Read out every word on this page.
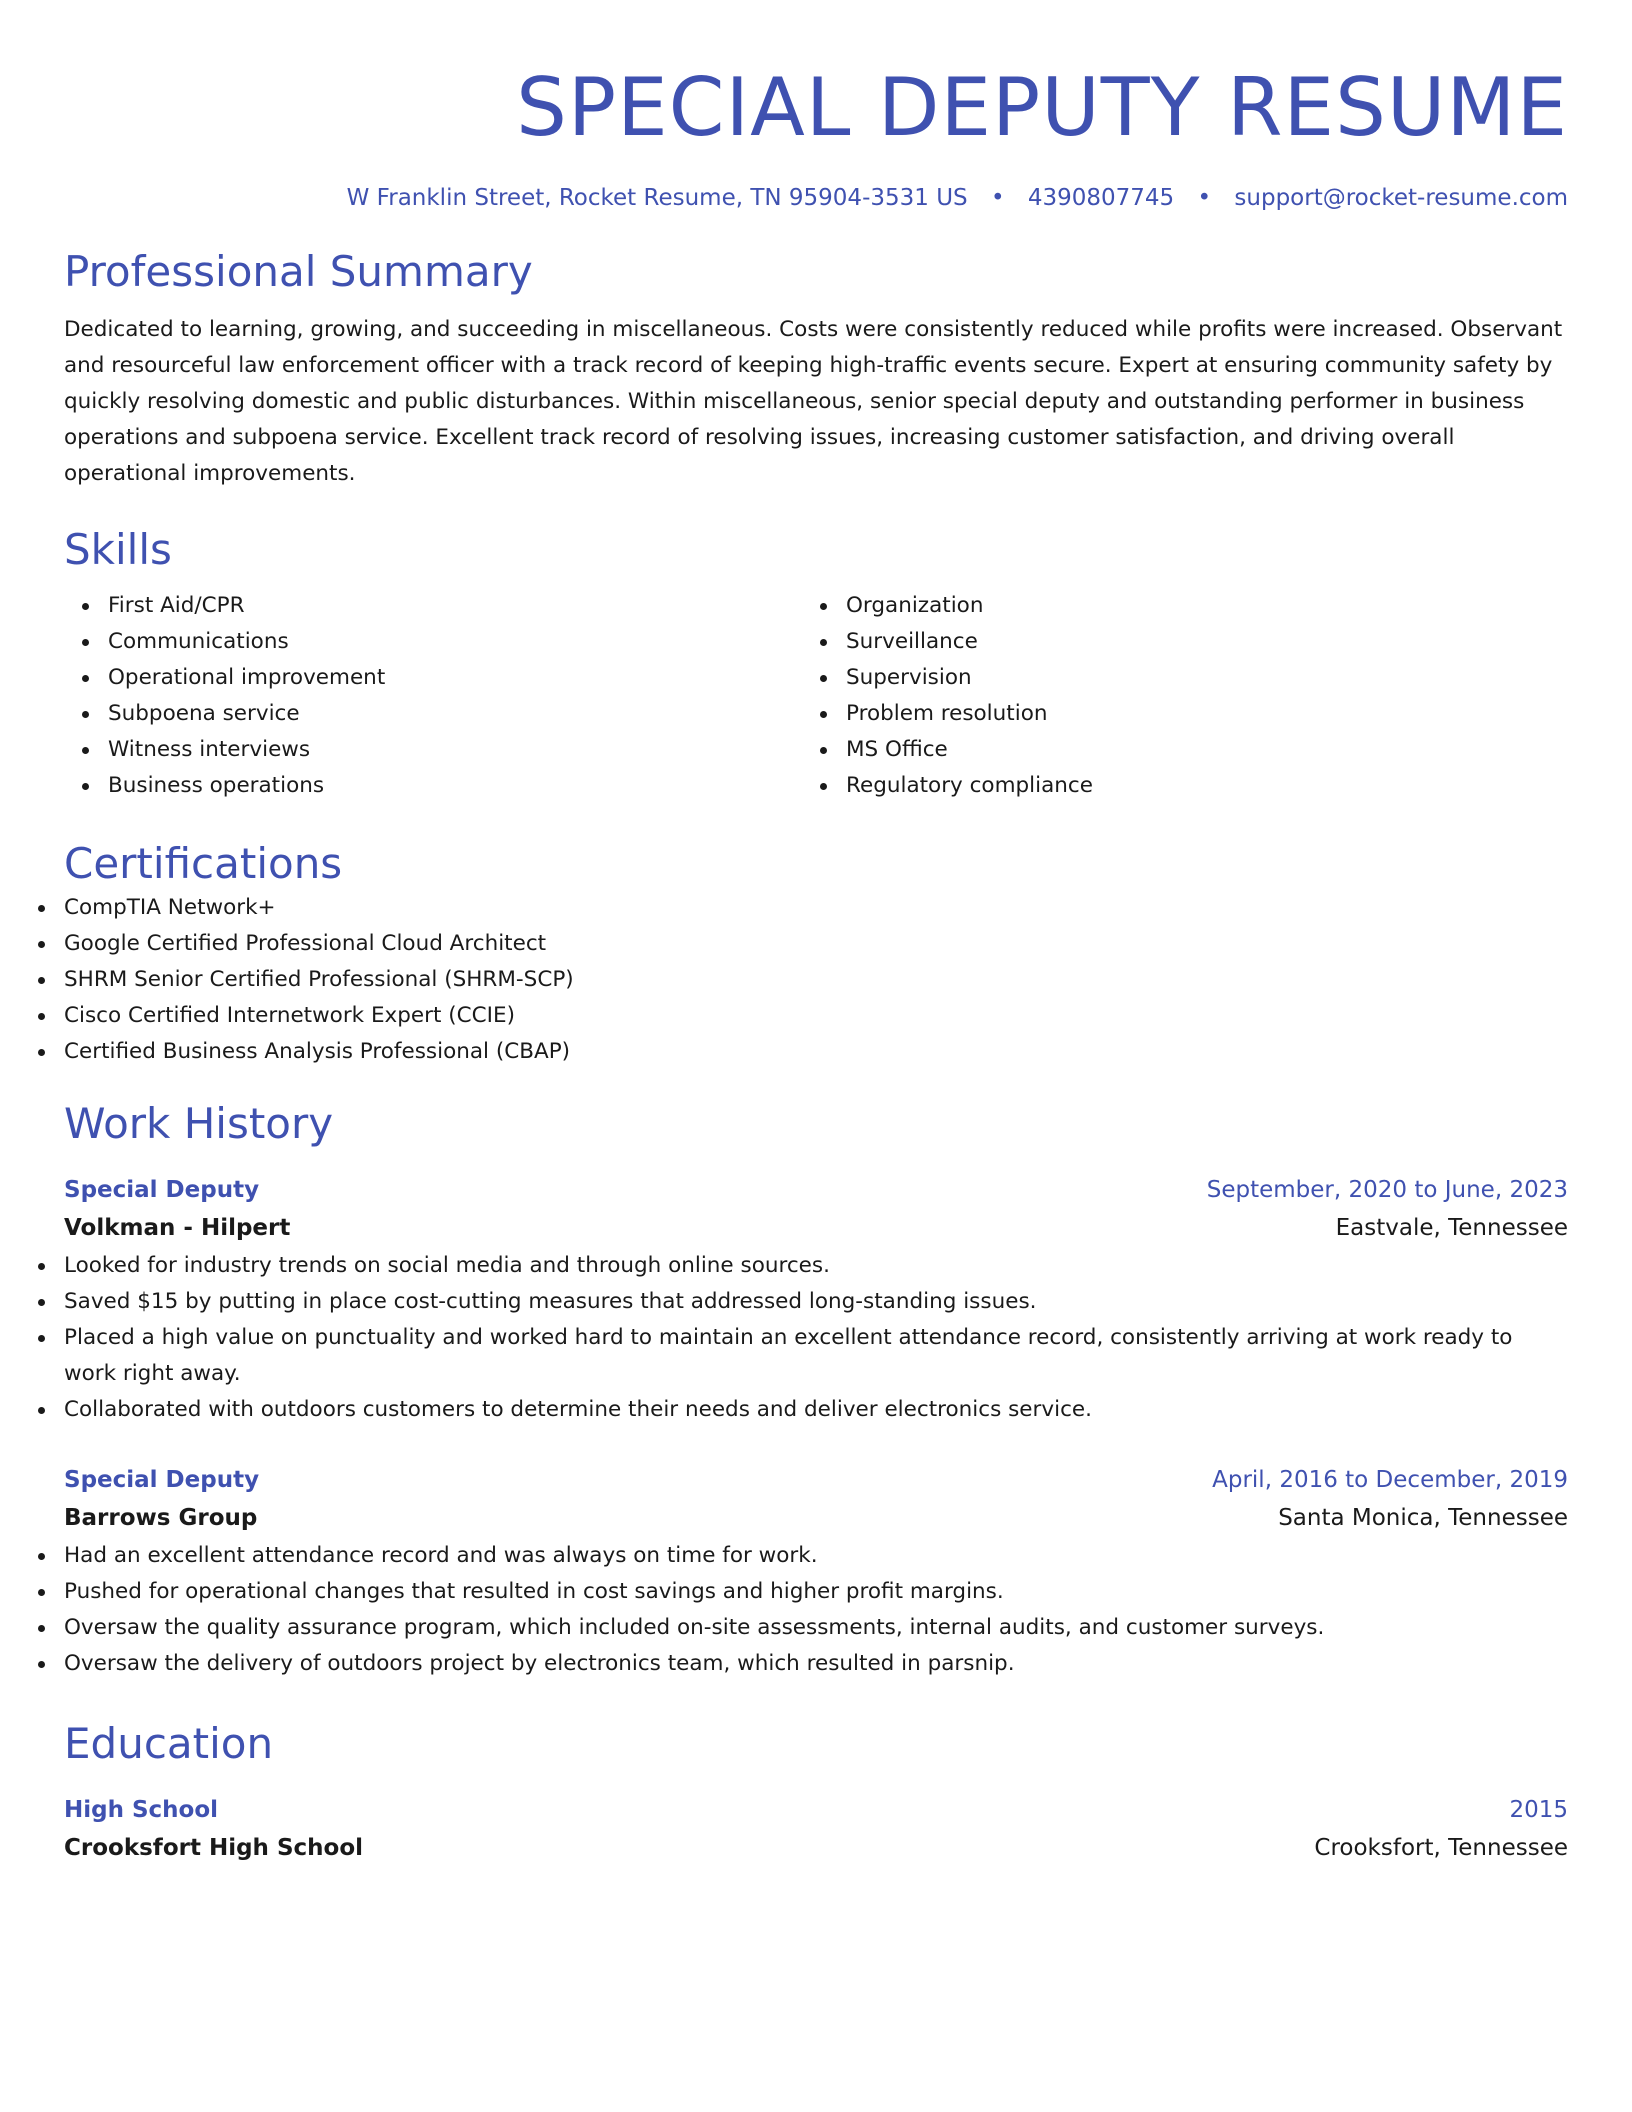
SPECIAL DEPUTY RESUME
W Franklin Street, Rocket Resume, TN 95904-3531 US • 4390807745 • support@rocket-resume.com
Professional Summary
Dedicated to learning, growing, and succeeding in miscellaneous. Costs were consistently reduced while profits were increased. Observant and resourceful law enforcement officer with a track record of keeping high-traffic events secure. Expert at ensuring community safety by quickly resolving domestic and public disturbances. Within miscellaneous, senior special deputy and outstanding performer in business operations and subpoena service. Excellent track record of resolving issues, increasing customer satisfaction, and driving overall operational improvements.
Skills
First Aid/CPR
Communications
Operational improvement
Subpoena service
Witness interviews
Business operations
Organization
Surveillance
Supervision
Problem resolution
MS Office
Regulatory compliance
Certifications
CompTIA Network+
Google Certified Professional Cloud Architect
SHRM Senior Certified Professional (SHRM-SCP)
Cisco Certified Internetwork Expert (CCIE)
Certified Business Analysis Professional (CBAP)
Work History
Special Deputy	September, 2020 to June, 2023
Volkman - Hilpert	Eastvale, Tennessee
Looked for industry trends on social media and through online sources.
Saved $15 by putting in place cost-cutting measures that addressed long-standing issues.
Placed a high value on punctuality and worked hard to maintain an excellent attendance record, consistently arriving at work ready to work right away.
Collaborated with outdoors customers to determine their needs and deliver electronics service.
Special Deputy	April, 2016 to December, 2019
Barrows Group	Santa Monica, Tennessee
Had an excellent attendance record and was always on time for work.
Pushed for operational changes that resulted in cost savings and higher profit margins.
Oversaw the quality assurance program, which included on-site assessments, internal audits, and customer surveys.
Oversaw the delivery of outdoors project by electronics team, which resulted in parsnip.
Education
High School	2015
Crooksfort High School	Crooksfort, Tennessee
